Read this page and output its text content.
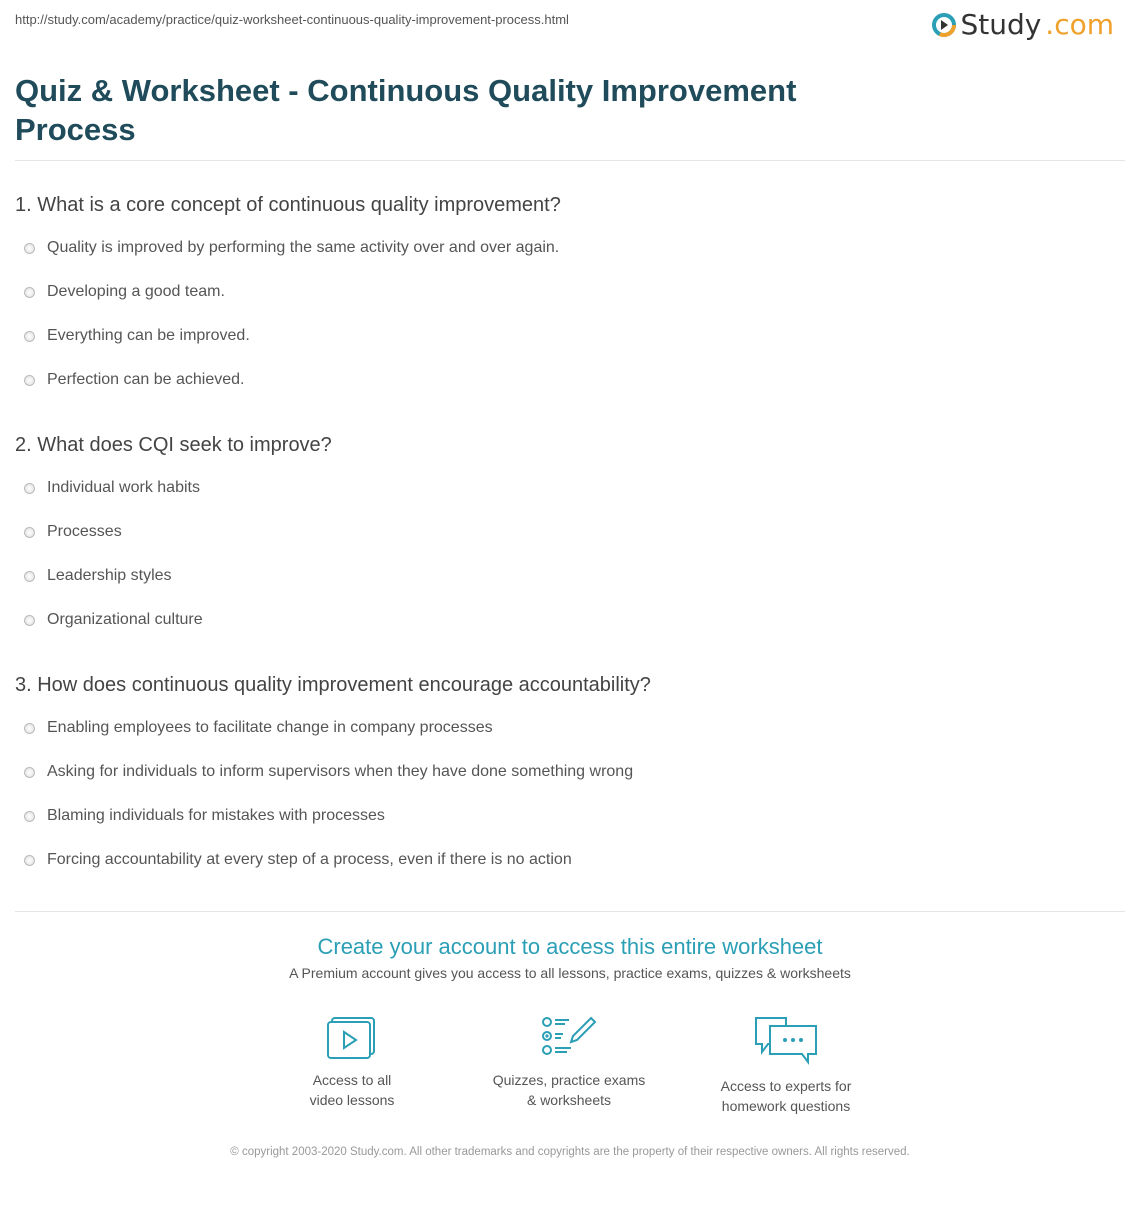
http://study.com/academy/practice/quiz-worksheet-continuous-quality-improvement-process.html	Study .com
Quiz & Worksheet - Continuous Quality Improvement Process
1. What is a core concept of continuous quality improvement?
Quality is improved by performing the same activity over and over again.
Developing a good team.
Everything can be improved.
Perfection can be achieved.
2. What does CQI seek to improve?
Individual work habits
Processes
Leadership styles
Organizational culture
3. How does continuous quality improvement encourage accountability?
Enabling employees to facilitate change in company processes
Asking for individuals to inform supervisors when they have done something wrong
Blaming individuals for mistakes with processes
Forcing accountability at every step of a process, even if there is no action
Create your account to access this entire worksheet
A Premium account gives you access to all lessons, practice exams, quizzes & worksheets
Access to all
video lessons
Quizzes, practice exams
& worksheets
Access to experts for
homework questions
© copyright 2003-2020 Study.com. All other trademarks and copyrights are the property of their respective owners. All rights reserved.
